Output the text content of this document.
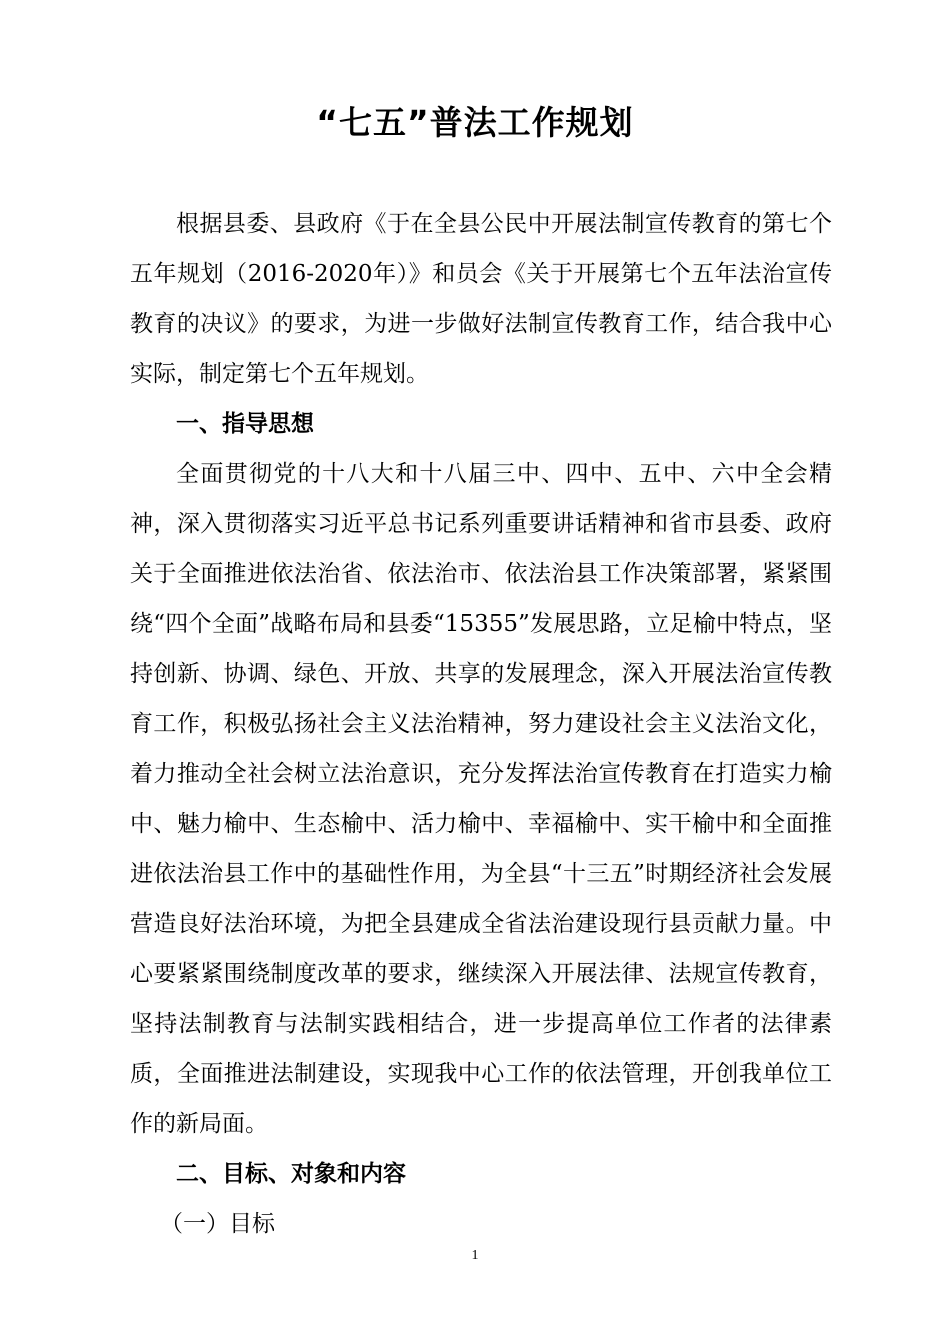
“七五”普法工作规划

根据县委、县政府《于在全县公民中开展法制宣传教育的第七个五年规划（2016-2020年）》和员会《关于开展第七个五年法治宣传教育的决议》的要求，为进一步做好法制宣传教育工作，结合我中心实际，制定第七个五年规划。

一、指导思想

全面贯彻党的十八大和十八届三中、四中、五中、六中全会精神，深入贯彻落实习近平总书记系列重要讲话精神和省市县委、政府关于全面推进依法治省、依法治市、依法治县工作决策部署，紧紧围绕“四个全面”战略布局和县委“15355”发展思路，立足榆中特点，坚持创新、协调、绿色、开放、共享的发展理念，深入开展法治宣传教育工作，积极弘扬社会主义法治精神，努力建设社会主义法治文化，着力推动全社会树立法治意识，充分发挥法治宣传教育在打造实力榆中、魅力榆中、生态榆中、活力榆中、幸福榆中、实干榆中和全面推进依法治县工作中的基础性作用，为全县“十三五”时期经济社会发展营造良好法治环境，为把全县建成全省法治建设现行县贡献力量。中心要紧紧围绕制度改革的要求，继续深入开展法律、法规宣传教育，坚持法制教育与法制实践相结合，进一步提高单位工作者的法律素质，全面推进法制建设，实现我中心工作的依法管理，开创我单位工作的新局面。

二、目标、对象和内容

（一）目标

1
